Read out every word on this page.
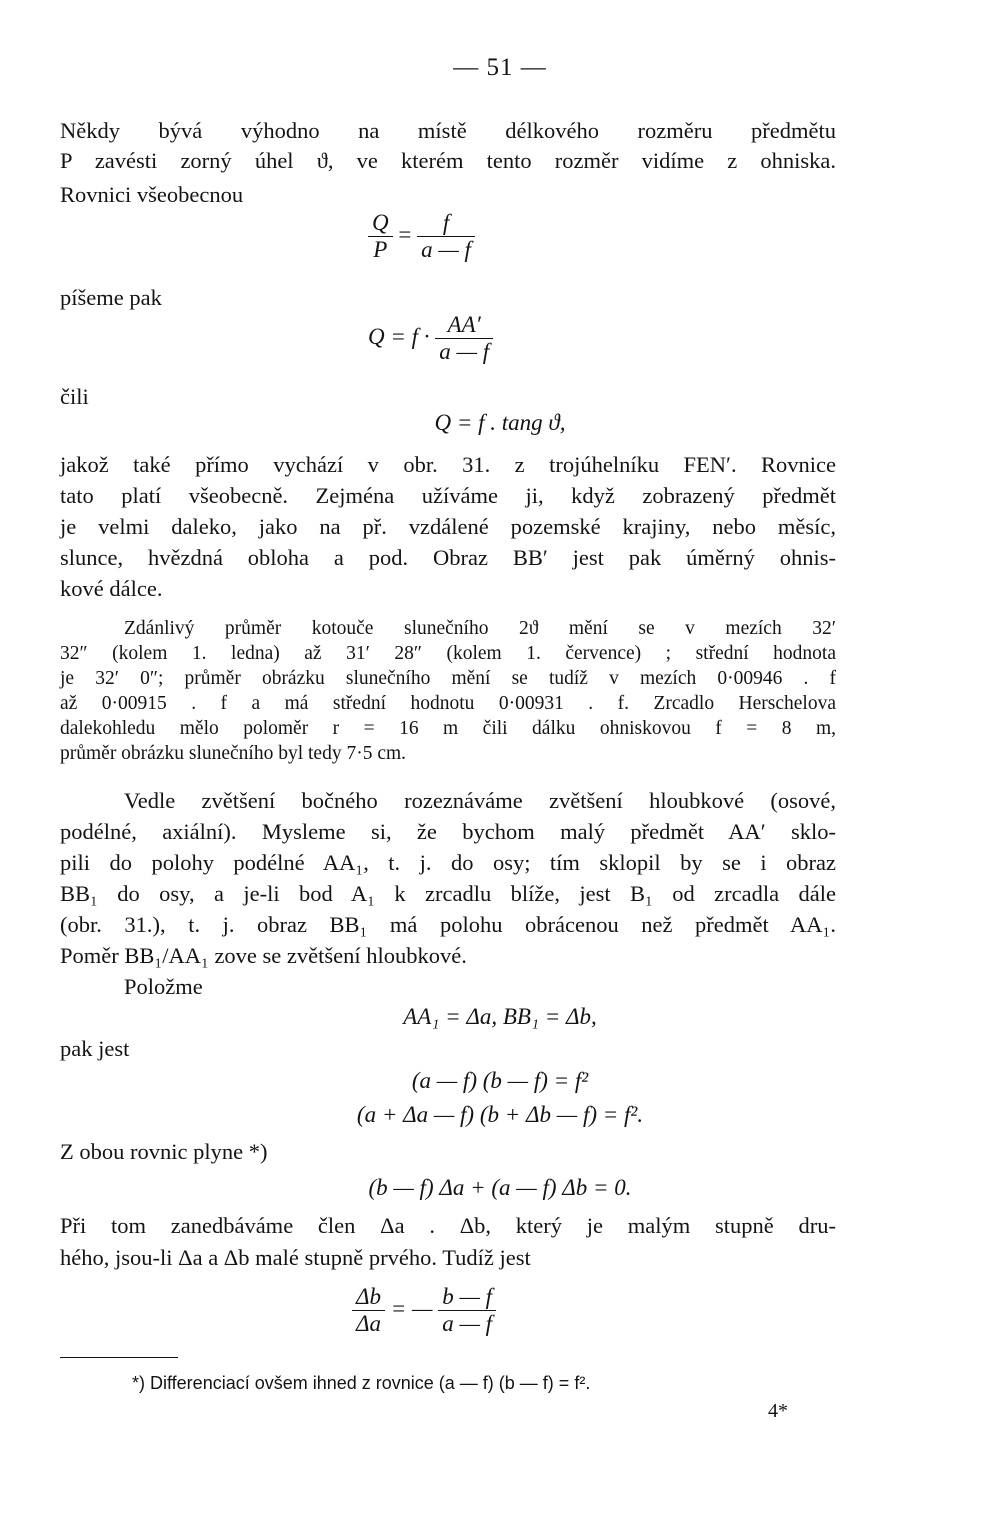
— 51 —
Někdy bývá výhodno na místě délkového rozměru předmětu
P zavésti zorný úhel ϑ, ve kterém tento rozměr vidíme z ohniska.
Rovnici všeobecnou
$\frac{Q}{P} = \frac{f}{a — f}$
píšeme pak
$Q = f \cdot \frac{AA'}{a — f}$
čili
Q = f . tang ϑ,
jakož také přímo vychází v obr. 31. z trojúhelníku FEN′. Rovnice
tato platí všeobecně. Zejména užíváme ji, když zobrazený předmět
je velmi daleko, jako na př. vzdálené pozemské krajiny, nebo měsíc,
slunce, hvězdná obloha a pod. Obraz BB′ jest pak úměrný ohnis-
kové dálce.
Zdánlivý průměr kotouče slunečního 2ϑ mění se v mezích 32′
32″ (kolem 1. ledna) až 31′ 28″ (kolem 1. července) ; střední hodnota
je 32′ 0″; průměr obrázku slunečního mění se tudíž v mezích 0·00946 . f
až 0·00915 . f a má střední hodnotu 0·00931 . f. Zrcadlo Herschelova
dalekohledu mělo poloměr r = 16 m čili dálku ohniskovou f = 8 m,
průměr obrázku slunečního byl tedy 7·5 cm.
Vedle zvětšení bočného rozeznáváme zvětšení hloubkové (osové,
podélné, axiální). Mysleme si, že bychom malý předmět AA′ sklo-
pili do polohy podélné AA₁, t. j. do osy; tím sklopil by se i obraz
BB₁ do osy, a je-li bod A₁ k zrcadlu blíže, jest B₁ od zrcadla dále
(obr. 31.), t. j. obraz BB₁ má polohu obrácenou než předmět AA₁.
Poměr BB₁/AA₁ zove se zvětšení hloubkové.
Položme
AA₁ = Δa, BB₁ = Δb,
pak jest
(a — f) (b — f) = f²
(a + Δa — f) (b + Δb — f) = f².
Z obou rovnic plyne *)
(b — f) Δa + (a — f) Δb = 0.
Při tom zanedbáváme člen Δa . Δb, který je malým stupně dru-
hého, jsou-li Δa a Δb malé stupně prvého. Tudíž jest
$\frac{\Delta b}{\Delta a}$ = — $\frac{b — f}{a — f}$
*) Differenciací ovšem ihned z rovnice (a — f) (b — f) = f².
4*
